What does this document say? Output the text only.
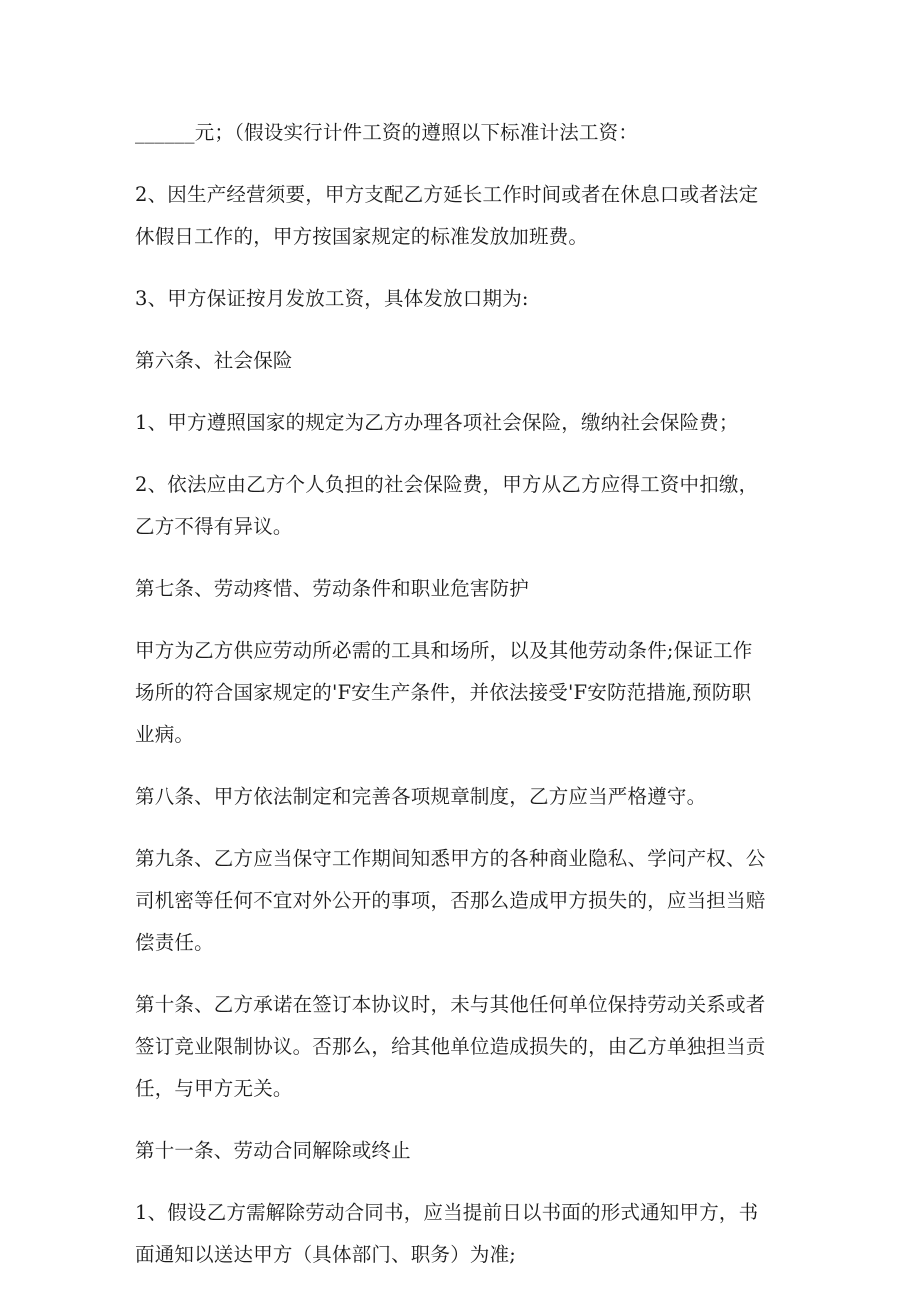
______元；（假设实行计件工资的遵照以下标准计法工资：
2、因生产经营须要，甲方支配乙方延长工作时间或者在休息口或者法定
休假日工作的，甲方按国家规定的标准发放加班费。
3、甲方保证按月发放工资，具体发放口期为:
第六条、社会保险
1、甲方遵照国家的规定为乙方办理各项社会保险，缴纳社会保险费；
2、依法应由乙方个人负担的社会保险费，甲方从乙方应得工资中扣缴，
乙方不得有异议。
第七条、劳动疼惜、劳动条件和职业危害防护
甲方为乙方供应劳动所必需的工具和场所，以及其他劳动条件;保证工作
场所的符合国家规定的'F安生产条件，并依法接受'F安防范措施,预防职
业病。
第八条、甲方依法制定和完善各项规章制度，乙方应当严格遵守。
第九条、乙方应当保守工作期间知悉甲方的各种商业隐私、学问产权、公
司机密等任何不宜对外公开的事项，否那么造成甲方损失的，应当担当赔
偿责任。
第十条、乙方承诺在签订本协议时，未与其他任何单位保持劳动关系或者
签订竞业限制协议。否那么，给其他单位造成损失的，由乙方单独担当贡
任，与甲方无关。
第十一条、劳动合同解除或终止
1、假设乙方需解除劳动合同书，应当提前日以书面的形式通知甲方，书
面通知以送达甲方（具体部门、职务）为准;
